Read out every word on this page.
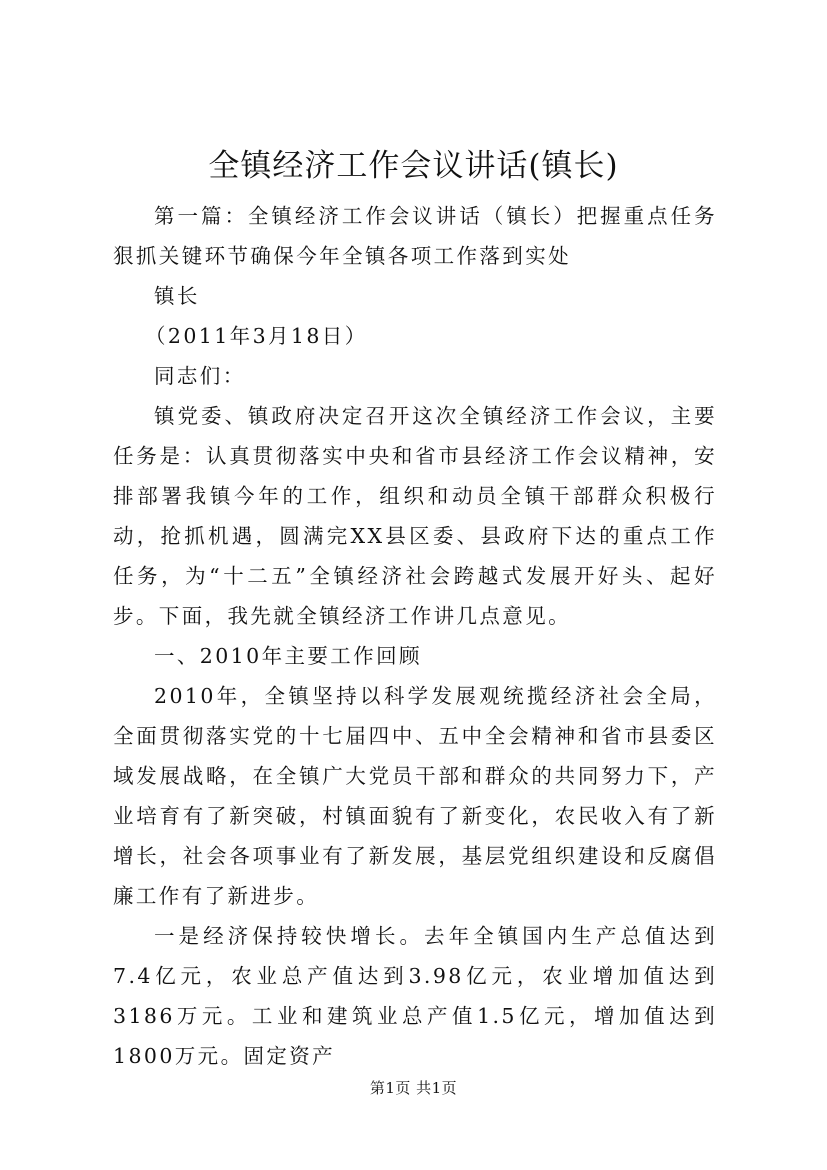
全镇经济工作会议讲话(镇长)

第一篇：全镇经济工作会议讲话（镇长）把握重点任务狠抓关键环节确保今年全镇各项工作落到实处

镇长

（2011年3月18日）

同志们：

镇党委、镇政府决定召开这次全镇经济工作会议，主要任务是：认真贯彻落实中央和省市县经济工作会议精神，安排部署我镇今年的工作，组织和动员全镇干部群众积极行动，抢抓机遇，圆满完XX县区委、县政府下达的重点工作任务，为“十二五”全镇经济社会跨越式发展开好头、起好步。下面，我先就全镇经济工作讲几点意见。

一、2010年主要工作回顾

2010年，全镇坚持以科学发展观统揽经济社会全局，全面贯彻落实党的十七届四中、五中全会精神和省市县委区域发展战略，在全镇广大党员干部和群众的共同努力下，产业培育有了新突破，村镇面貌有了新变化，农民收入有了新增长，社会各项事业有了新发展，基层党组织建设和反腐倡廉工作有了新进步。

一是经济保持较快增长。去年全镇国内生产总值达到7.4亿元，农业总产值达到3.98亿元，农业增加值达到3186万元。工业和建筑业总产值1.5亿元，增加值达到1800万元。固定资产

第1页 共1页
